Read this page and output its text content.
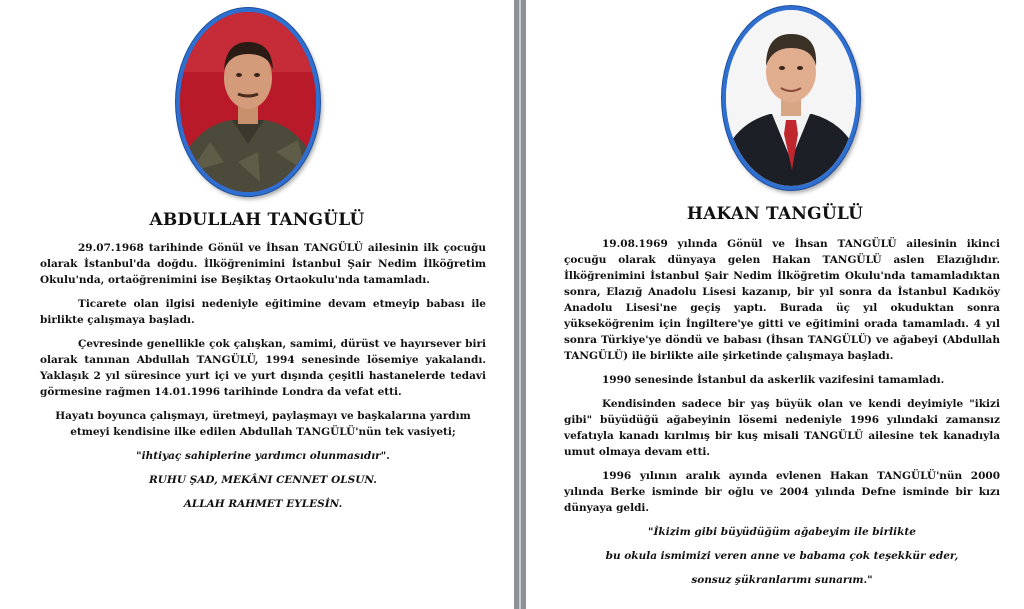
ABDULLAH TANGÜLÜ

29.07.1968 tarihinde Gönül ve İhsan TANGÜLÜ ailesinin ilk çocuğu olarak İstanbul'da doğdu. İlköğrenimini İstanbul Şair Nedim İlköğretim Okulu'nda, ortaöğrenimini ise Beşiktaş Ortaokulu'nda tamamladı.

Ticarete olan ilgisi nedeniyle eğitimine devam etmeyip babası ile birlikte çalışmaya başladı.

Çevresinde genellikle çok çalışkan, samimi, dürüst ve hayırsever biri olarak tanınan Abdullah TANGÜLÜ, 1994 senesinde lösemiye yakalandı. Yaklaşık 2 yıl süresince yurt içi ve yurt dışında çeşitli hastanelerde tedavi görmesine rağmen 14.01.1996 tarihinde Londra da vefat etti.

Hayatı boyunca çalışmayı, üretmeyi, paylaşmayı ve başkalarına yardım etmeyi kendisine ilke edilen Abdullah TANGÜLÜ'nün tek vasiyeti;

"ihtiyaç sahiplerine yardımcı olunmasıdır".

RUHU ŞAD, MEKÂNI CENNET OLSUN.

ALLAH RAHMET EYLESİN.

HAKAN TANGÜLÜ

19.08.1969 yılında Gönül ve İhsan TANGÜLÜ ailesinin ikinci çocuğu olarak dünyaya gelen Hakan TANGÜLÜ aslen Elazığlıdır. İlköğrenimini İstanbul Şair Nedim İlköğretim Okulu'nda tamamladıktan sonra, Elazığ Anadolu Lisesi kazanıp, bir yıl sonra da İstanbul Kadıköy Anadolu Lisesi'ne geçiş yaptı. Burada üç yıl okuduktan sonra yükseköğrenim için İngiltere'ye gitti ve eğitimini orada tamamladı. 4 yıl sonra Türkiye'ye döndü ve babası (İhsan TANGÜLÜ) ve ağabeyi (Abdullah TANGÜLÜ) ile birlikte aile şirketinde çalışmaya başladı.

1990 senesinde İstanbul da askerlik vazifesini tamamladı.

Kendisinden sadece bir yaş büyük olan ve kendi deyimiyle "ikizi gibi" büyüdüğü ağabeyinin lösemi nedeniyle 1996 yılındaki zamansız vefatıyla kanadı kırılmış bir kuş misali TANGÜLÜ ailesine tek kanadıyla umut olmaya devam etti.

1996 yılının aralık ayında evlenen Hakan TANGÜLÜ'nün 2000 yılında Berke isminde bir oğlu ve 2004 yılında Defne isminde bir kızı dünyaya geldi.

"İkizim gibi büyüdüğüm ağabeyim ile birlikte

bu okula ismimizi veren anne ve babama çok teşekkür eder,

sonsuz şükranlarımı sunarım."
